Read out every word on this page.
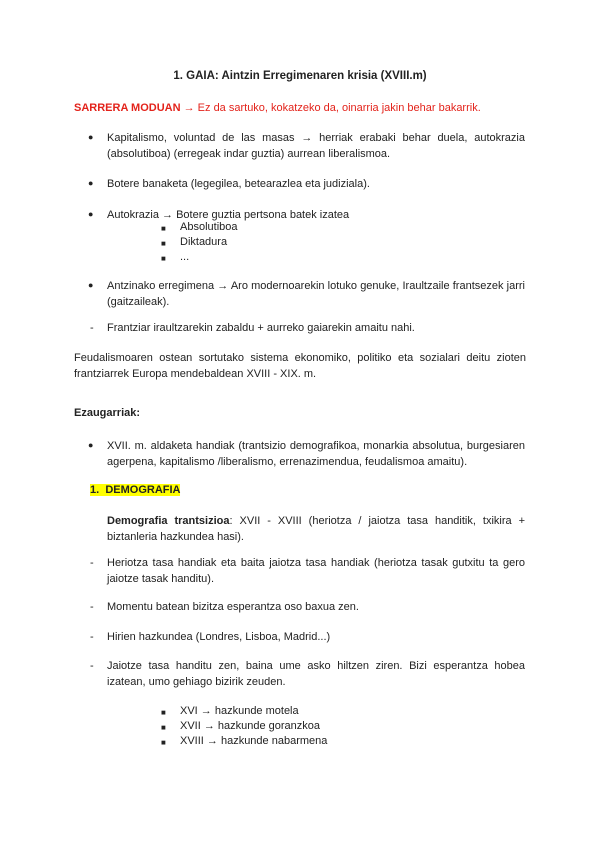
1. GAIA: Aintzin Erregimenaren krisia (XVIII.m)
SARRERA MODUAN → Ez da sartuko, kokatzeko da, oinarria jakin behar bakarrik.
● Kapitalismo, voluntad de las masas → herriak erabaki behar duela, autokrazia (absolutiboa) (erregeak indar guztia) aurrean liberalismoa.
● Botere banaketa (legegilea, betearazlea eta judiziala).
● Autokrazia → Botere guztia pertsona batek izatea
■ Absolutiboa
■ Diktadura
■ ...
● Antzinako erregimena → Aro modernoarekin lotuko genuke, Iraultzaile frantsezek jarri (gaitzaileak).
- Frantziar iraultzarekin zabaldu + aurreko gaiarekin amaitu nahi.
Feudalismoaren ostean sortutako sistema ekonomiko, politiko eta sozialari deitu zioten frantziarrek Europa mendebaldean XVIII - XIX. m.
Ezaugarriak:
● XVII. m. aldaketa handiak (trantsizio demografikoa, monarkia absolutua, burgesiaren agerpena, kapitalismo /liberalismo, errenazimendua, feudalismoa amaitu).
1. DEMOGRAFIA
Demografia trantsizioa: XVII - XVIII (heriotza / jaiotza tasa handitik, txikira + biztanleria hazkundea hasi).
- Heriotza tasa handiak eta baita jaiotza tasa handiak (heriotza tasak gutxitu ta gero jaiotze tasak handitu).
- Momentu batean bizitza esperantza oso baxua zen.
- Hirien hazkundea (Londres, Lisboa, Madrid...)
- Jaiotze tasa handitu zen, baina ume asko hiltzen ziren. Bizi esperantza hobea izatean, umo gehiago bizirik zeuden.
■ XVI → hazkunde motela
■ XVII → hazkunde goranzkoa
■ XVIII → hazkunde nabarmena
